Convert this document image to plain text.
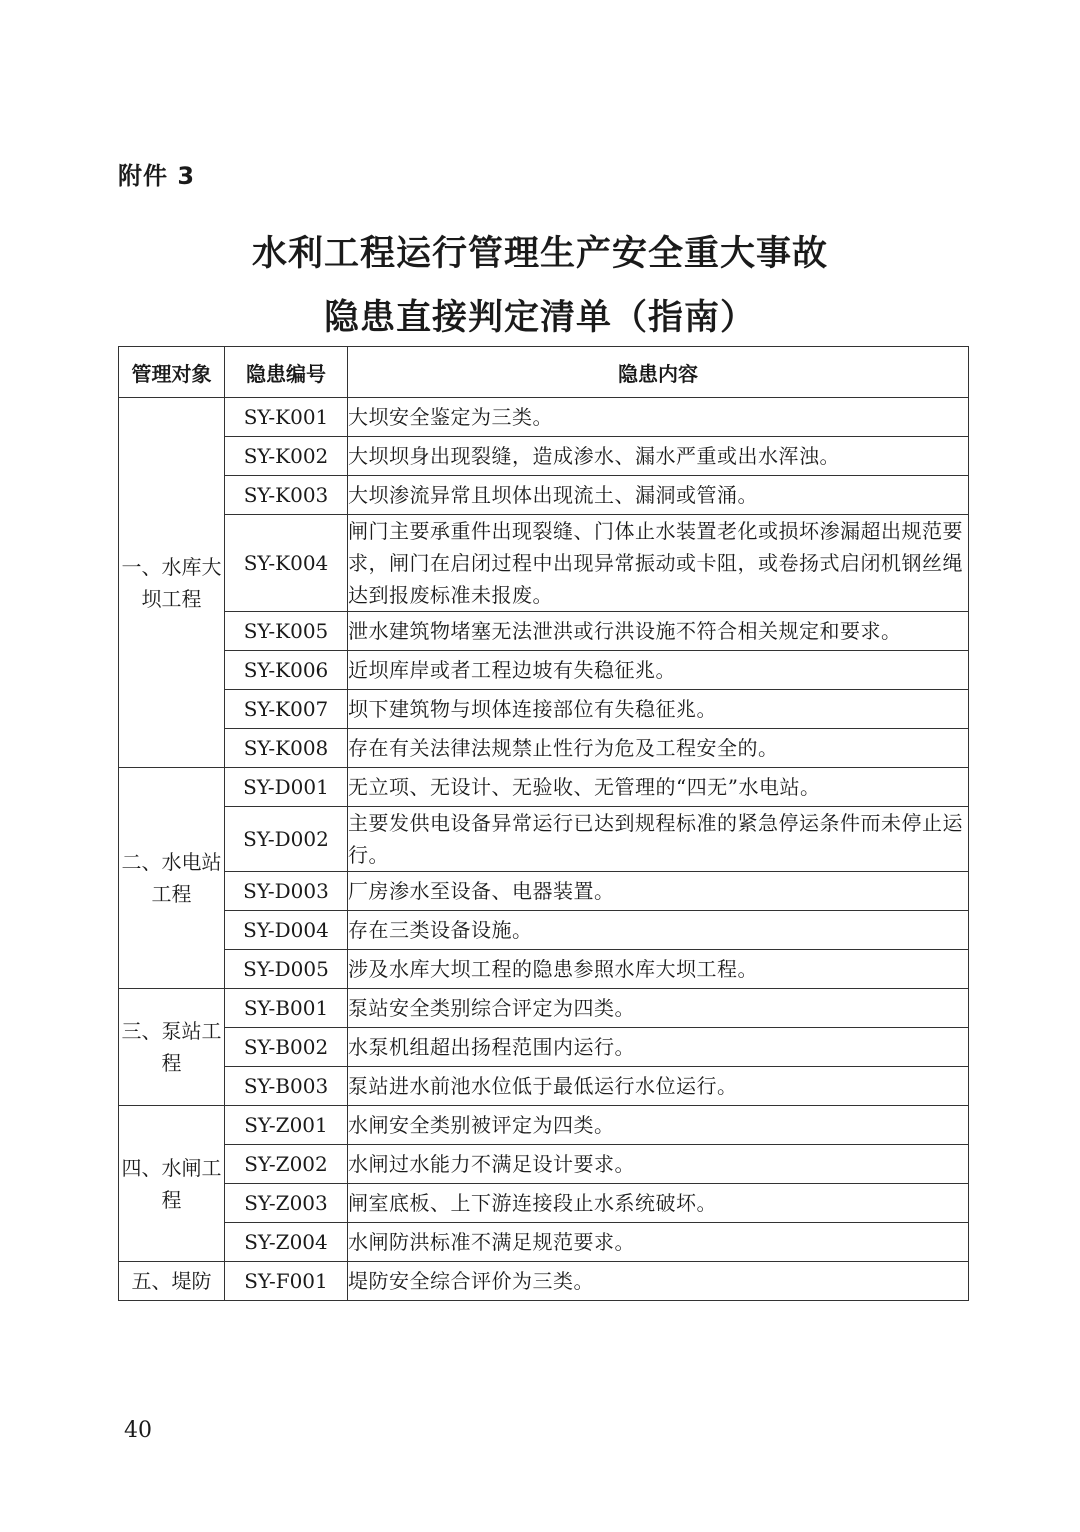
附件 3
水利工程运行管理生产安全重大事故
隐患直接判定清单（指南）
管理对象	隐患编号	隐患内容
一、水库大坝工程	SY-K001	大坝安全鉴定为三类。
	SY-K002	大坝坝身出现裂缝，造成渗水、漏水严重或出水浑浊。
	SY-K003	大坝渗流异常且坝体出现流土、漏洞或管涌。
	SY-K004	闸门主要承重件出现裂缝、门体止水装置老化或损坏渗漏超出规范要求，闸门在启闭过程中出现异常振动或卡阻，或卷扬式启闭机钢丝绳达到报废标准未报废。
	SY-K005	泄水建筑物堵塞无法泄洪或行洪设施不符合相关规定和要求。
	SY-K006	近坝库岸或者工程边坡有失稳征兆。
	SY-K007	坝下建筑物与坝体连接部位有失稳征兆。
	SY-K008	存在有关法律法规禁止性行为危及工程安全的。
二、水电站工程	SY-D001	无立项、无设计、无验收、无管理的“四无”水电站。
	SY-D002	主要发供电设备异常运行已达到规程标准的紧急停运条件而未停止运行。
	SY-D003	厂房渗水至设备、电器装置。
	SY-D004	存在三类设备设施。
	SY-D005	涉及水库大坝工程的隐患参照水库大坝工程。
三、泵站工程	SY-B001	泵站安全类别综合评定为四类。
	SY-B002	水泵机组超出扬程范围内运行。
	SY-B003	泵站进水前池水位低于最低运行水位运行。
四、水闸工程	SY-Z001	水闸安全类别被评定为四类。
	SY-Z002	水闸过水能力不满足设计要求。
	SY-Z003	闸室底板、上下游连接段止水系统破坏。
	SY-Z004	水闸防洪标准不满足规范要求。
五、堤防	SY-F001	堤防安全综合评价为三类。
40
